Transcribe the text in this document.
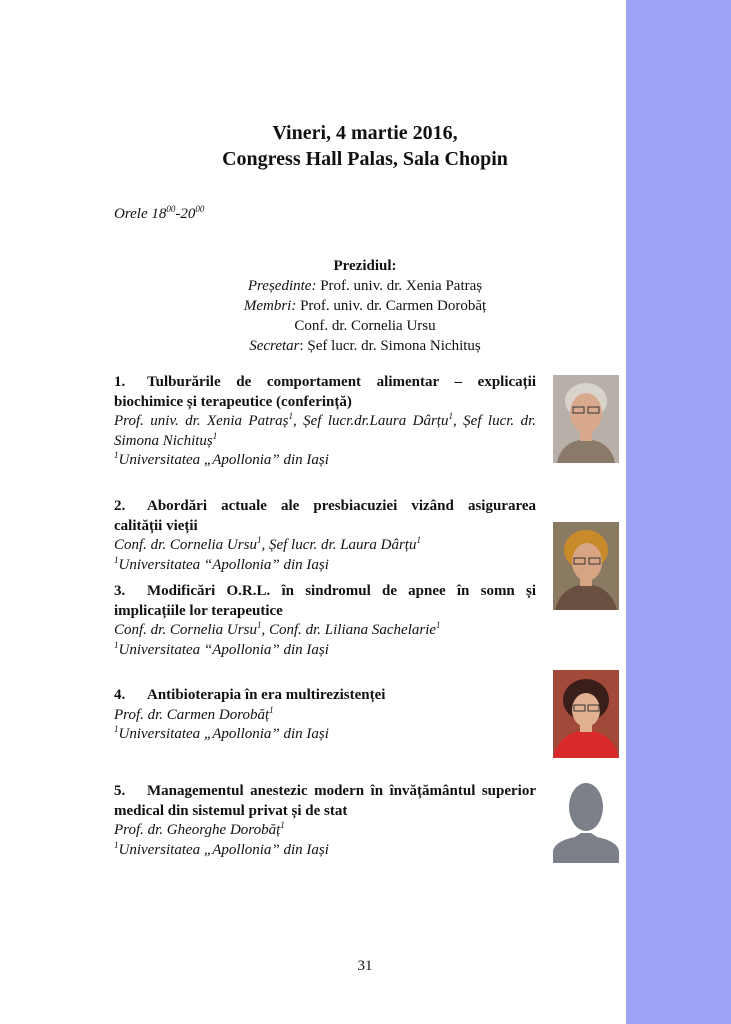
Vineri, 4 martie 2016,
Congress Hall Palas, Sala Chopin
Orele $18^{00}-20^{00}$
Prezidiul:
Președinte: Prof. univ. dr. Xenia Patraș
Membri: Prof. univ. dr. Carmen Dorobăț
Conf. dr. Cornelia Ursu
Secretar: Șef lucr. dr. Simona Nichituș
1. Tulburările de comportament alimentar – explicații biochimice și terapeutice (conferință)
Prof. univ. dr. Xenia Patraș$^1$, Șef lucr.dr.Laura Dârțu$^1$, Șef lucr. dr. Simona Nichituș$^1$
$^1$Universitatea „Apollonia” din Iași
2. Abordări actuale ale presbiacuziei vizând asigurarea calității vieții
Conf. dr. Cornelia Ursu$^1$, Șef lucr. dr. Laura Dârțu$^1$
$^1$Universitatea “Apollonia” din Iași
3. Modificări O.R.L. în sindromul de apnee în somn și implicațiile lor terapeutice
Conf. dr. Cornelia Ursu$^1$, Conf. dr. Liliana Sachelarie$^1$
$^1$Universitatea “Apollonia” din Iași
4. Antibioterapia în era multirezistenței
Prof. dr. Carmen Dorobăț$^1$
$^1$Universitatea „Apollonia” din Iași
5. Managementul anestezic modern în învățământul superior medical din sistemul privat și de stat
Prof. dr. Gheorghe Dorobăț$^1$
$^1$Universitatea „Apollonia” din Iași
31
